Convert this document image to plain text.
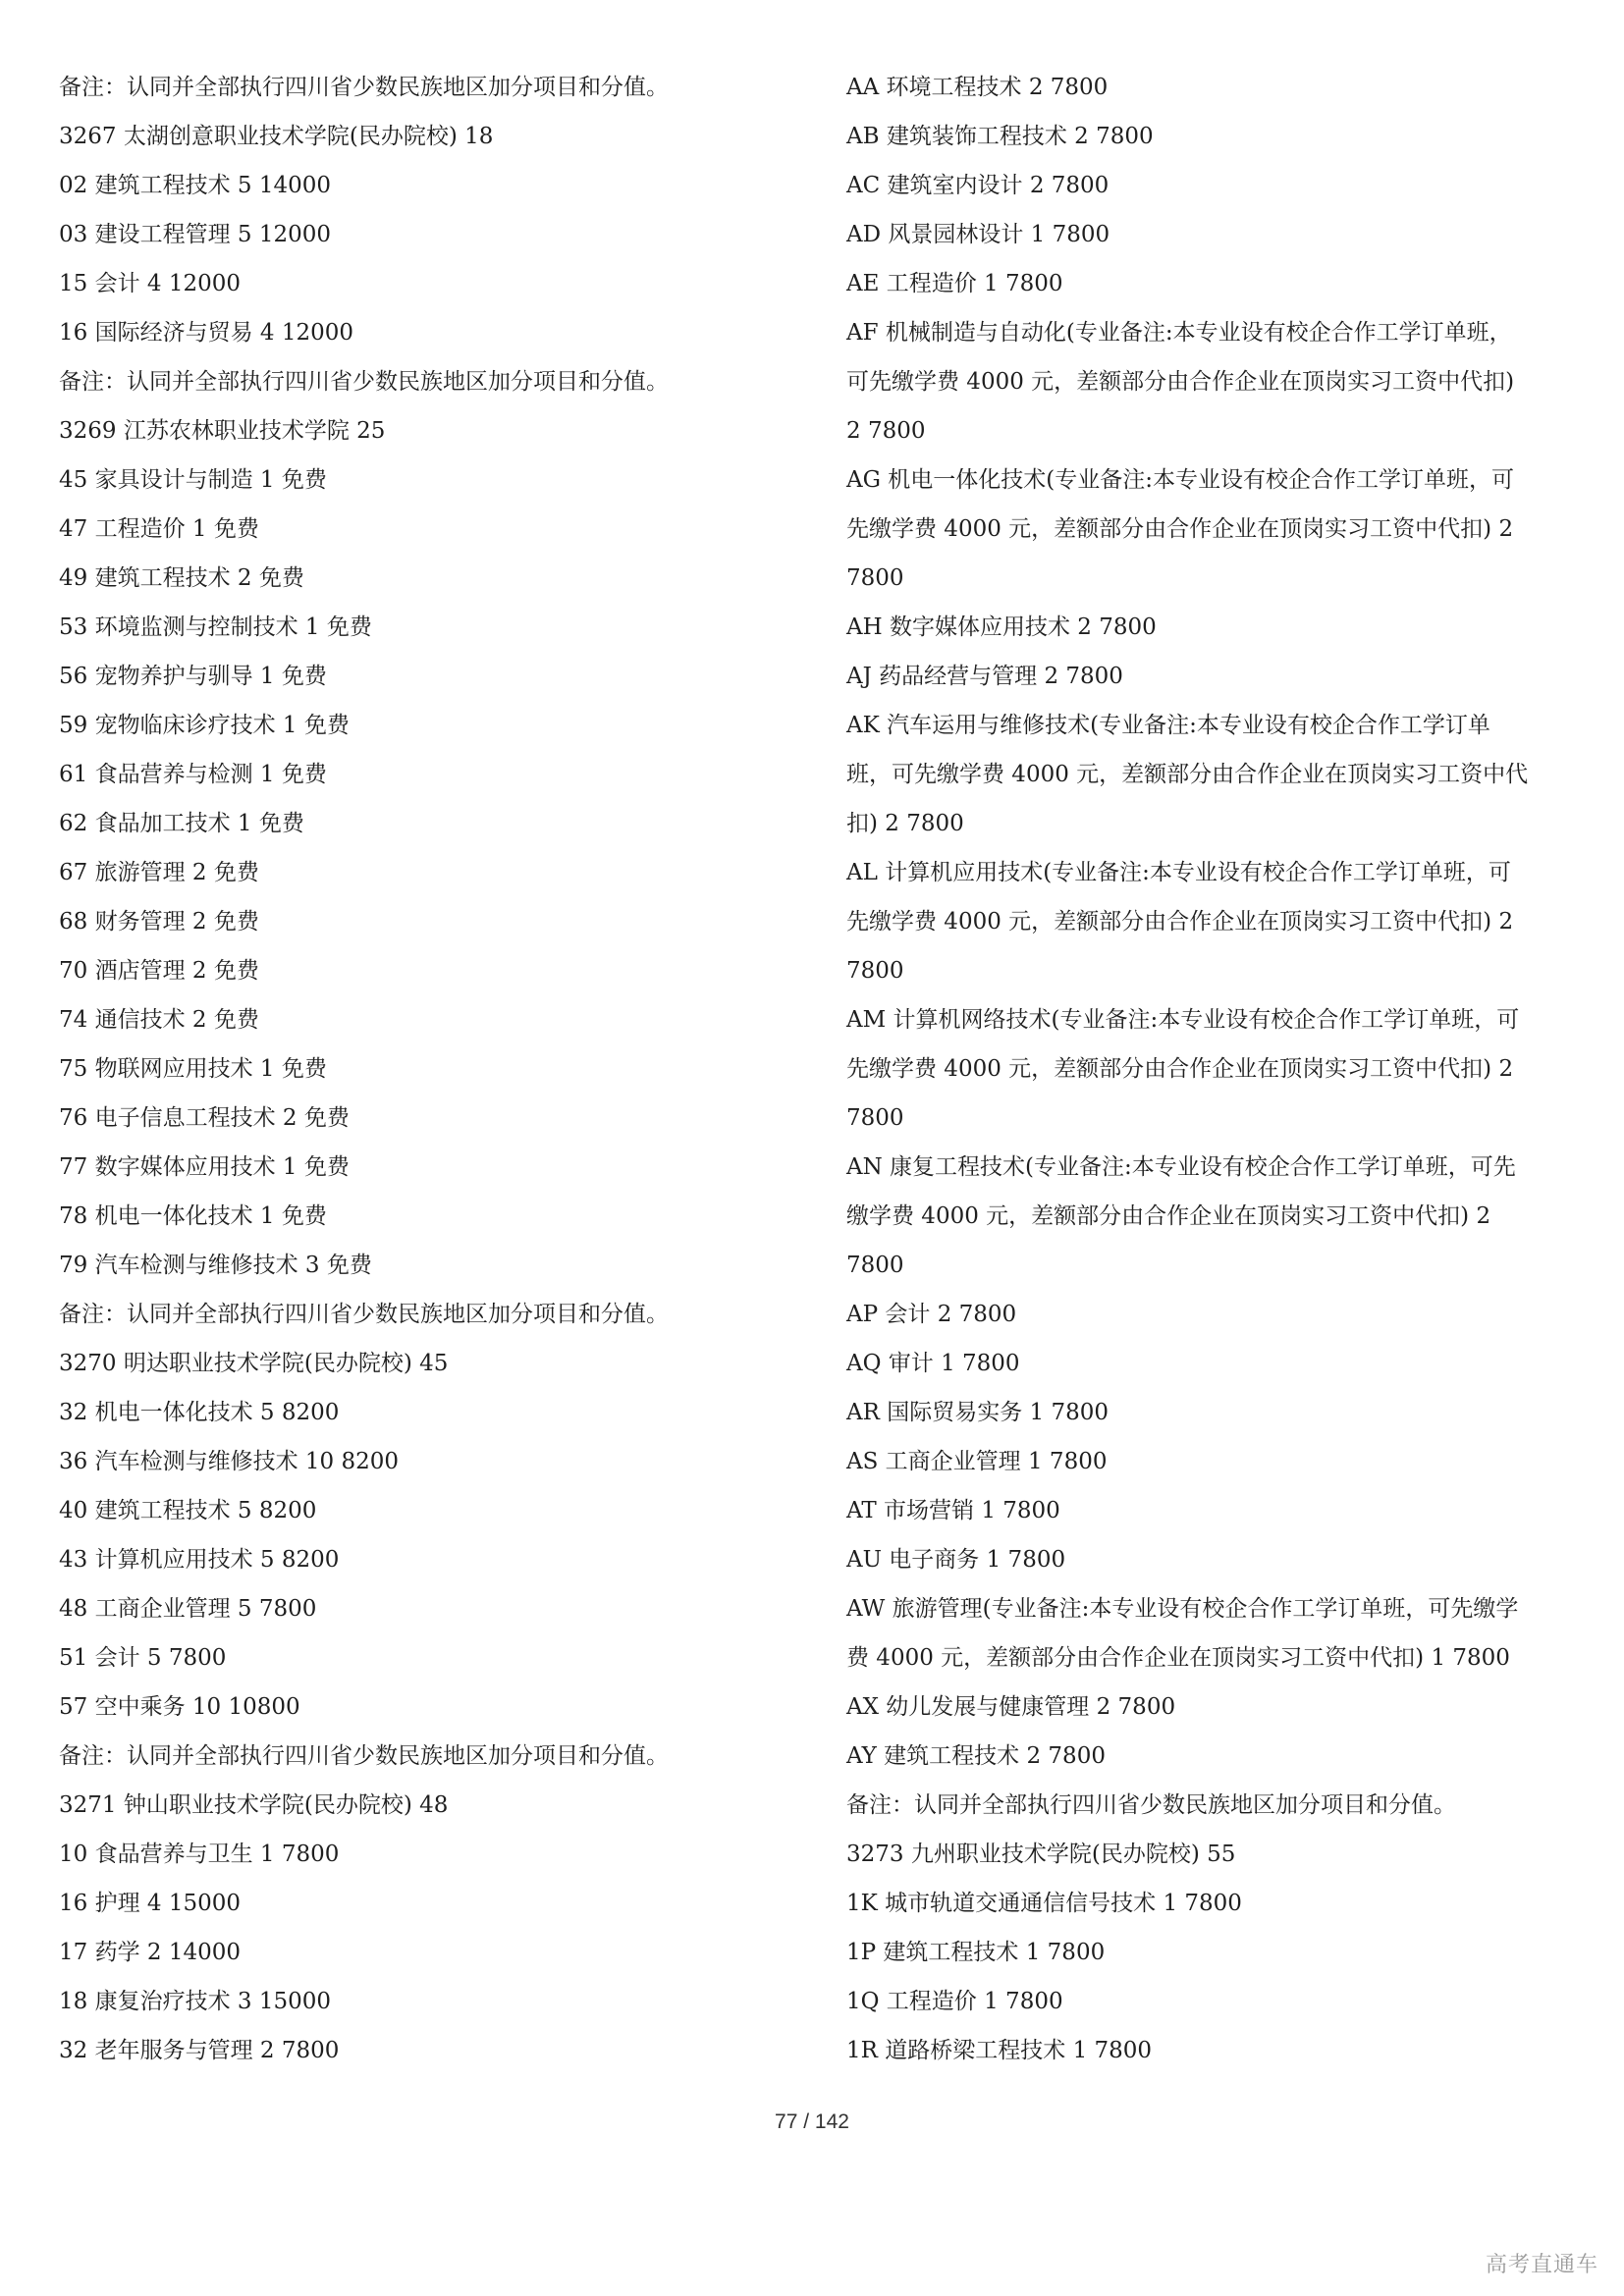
备注：认同并全部执行四川省少数民族地区加分项目和分值。

3267 太湖创意职业技术学院(民办院校) 18

02 建筑工程技术 5 14000

03 建设工程管理 5 12000

15 会计 4 12000

16 国际经济与贸易 4 12000

备注：认同并全部执行四川省少数民族地区加分项目和分值。

3269 江苏农林职业技术学院 25

45 家具设计与制造 1 免费

47 工程造价 1 免费

49 建筑工程技术 2 免费

53 环境监测与控制技术 1 免费

56 宠物养护与驯导 1 免费

59 宠物临床诊疗技术 1 免费

61 食品营养与检测 1 免费

62 食品加工技术 1 免费

67 旅游管理 2 免费

68 财务管理 2 免费

70 酒店管理 2 免费

74 通信技术 2 免费

75 物联网应用技术 1 免费

76 电子信息工程技术 2 免费

77 数字媒体应用技术 1 免费

78 机电一体化技术 1 免费

79 汽车检测与维修技术 3 免费

备注：认同并全部执行四川省少数民族地区加分项目和分值。

3270 明达职业技术学院(民办院校) 45

32 机电一体化技术 5 8200

36 汽车检测与维修技术 10 8200

40 建筑工程技术 5 8200

43 计算机应用技术 5 8200

48 工商企业管理 5 7800

51 会计 5 7800

57 空中乘务 10 10800

备注：认同并全部执行四川省少数民族地区加分项目和分值。

3271 钟山职业技术学院(民办院校) 48

10 食品营养与卫生 1 7800

16 护理 4 15000

17 药学 2 14000

18 康复治疗技术 3 15000

32 老年服务与管理 2 7800

AA 环境工程技术 2 7800

AB 建筑装饰工程技术 2 7800

AC 建筑室内设计 2 7800

AD 风景园林设计 1 7800

AE 工程造价 1 7800

AF 机械制造与自动化(专业备注:本专业设有校企合作工学订单班，

可先缴学费 4000 元，差额部分由合作企业在顶岗实习工资中代扣)

2 7800

AG 机电一体化技术(专业备注:本专业设有校企合作工学订单班，可

先缴学费 4000 元，差额部分由合作企业在顶岗实习工资中代扣) 2

7800

AH 数字媒体应用技术 2 7800

AJ 药品经营与管理 2 7800

AK 汽车运用与维修技术(专业备注:本专业设有校企合作工学订单

班，可先缴学费 4000 元，差额部分由合作企业在顶岗实习工资中代

扣) 2 7800

AL 计算机应用技术(专业备注:本专业设有校企合作工学订单班，可

先缴学费 4000 元，差额部分由合作企业在顶岗实习工资中代扣) 2

7800

AM 计算机网络技术(专业备注:本专业设有校企合作工学订单班，可

先缴学费 4000 元，差额部分由合作企业在顶岗实习工资中代扣) 2

7800

AN 康复工程技术(专业备注:本专业设有校企合作工学订单班，可先

缴学费 4000 元，差额部分由合作企业在顶岗实习工资中代扣) 2

7800

AP 会计 2 7800

AQ 审计 1 7800

AR 国际贸易实务 1 7800

AS 工商企业管理 1 7800

AT 市场营销 1 7800

AU 电子商务 1 7800

AW 旅游管理(专业备注:本专业设有校企合作工学订单班，可先缴学

费 4000 元，差额部分由合作企业在顶岗实习工资中代扣) 1 7800

AX 幼儿发展与健康管理 2 7800

AY 建筑工程技术 2 7800

备注：认同并全部执行四川省少数民族地区加分项目和分值。

3273 九州职业技术学院(民办院校) 55

1K 城市轨道交通通信信号技术 1 7800

1P 建筑工程技术 1 7800

1Q 工程造价 1 7800

1R 道路桥梁工程技术 1 7800

77 / 142
高考直通车
